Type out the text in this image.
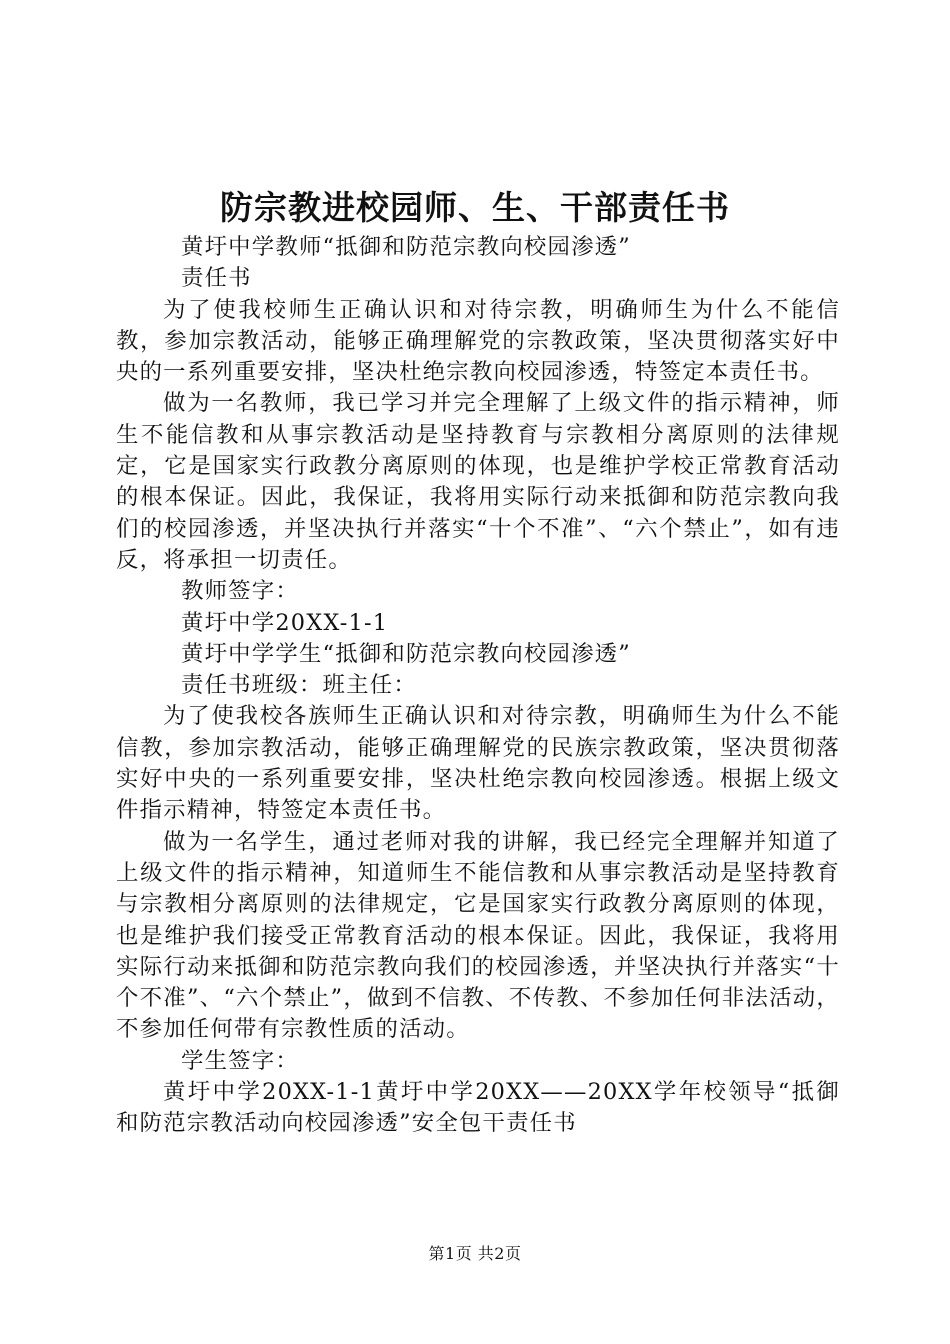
防宗教进校园师、生、干部责任书
黄圩中学教师“抵御和防范宗教向校园渗透”
责任书

为了使我校师生正确认识和对待宗教，明确师生为什么不能信教，参加宗教活动，能够正确理解党的宗教政策，坚决贯彻落实好中央的一系列重要安排，坚决杜绝宗教向校园渗透，特签定本责任书。

做为一名教师，我已学习并完全理解了上级文件的指示精神，师生不能信教和从事宗教活动是坚持教育与宗教相分离原则的法律规定，它是国家实行政教分离原则的体现，也是维护学校正常教育活动的根本保证。因此，我保证，我将用实际行动来抵御和防范宗教向我们的校园渗透，并坚决执行并落实“十个不准”、“六个禁止”，如有违反，将承担一切责任。

教师签字：
黄圩中学20XX-1-1
黄圩中学学生“抵御和防范宗教向校园渗透”
责任书班级：班主任：

为了使我校各族师生正确认识和对待宗教，明确师生为什么不能信教，参加宗教活动，能够正确理解党的民族宗教政策，坚决贯彻落实好中央的一系列重要安排，坚决杜绝宗教向校园渗透。根据上级文件指示精神，特签定本责任书。

做为一名学生，通过老师对我的讲解，我已经完全理解并知道了上级文件的指示精神，知道师生不能信教和从事宗教活动是坚持教育与宗教相分离原则的法律规定，它是国家实行政教分离原则的体现，也是维护我们接受正常教育活动的根本保证。因此，我保证，我将用实际行动来抵御和防范宗教向我们的校园渗透，并坚决执行并落实“十个不准”、“六个禁止”，做到不信教、不传教、不参加任何非法活动，不参加任何带有宗教性质的活动。

学生签字：

黄圩中学20XX-1-1黄圩中学20XX——20XX学年校领导“抵御和防范宗教活动向校园渗透”安全包干责任书

第1页 共2页
